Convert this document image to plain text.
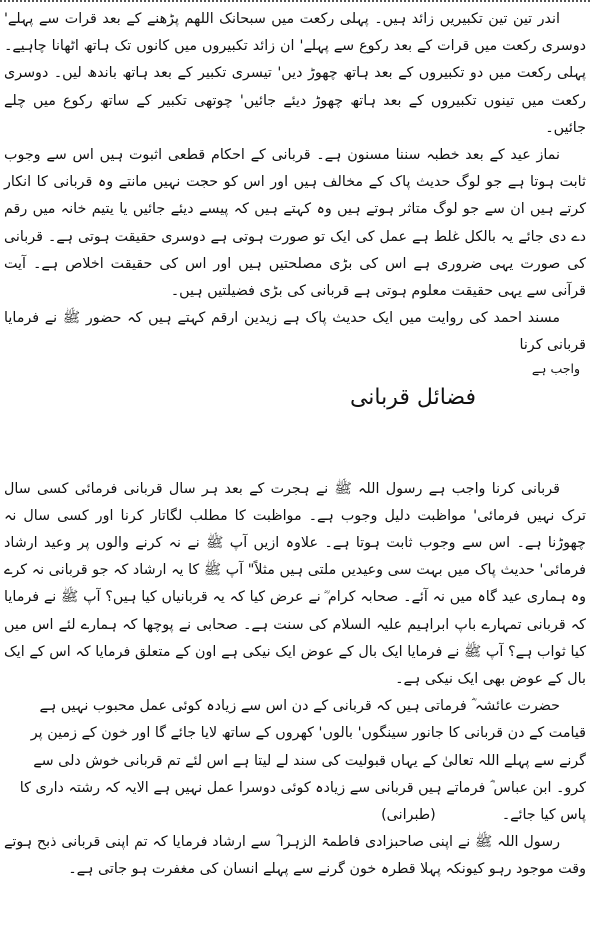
اندر تین تین تکبیریں زائد ہیں۔ پہلی رکعت میں سبحانک اللھم پڑھنے کے بعد قرات سے پہلے' دوسری رکعت میں قرات کے بعد رکوع سے پہلے' ان زائد تکبیروں میں کانوں تک ہاتھ اٹھانا چاہیے۔ پہلی رکعت میں دو تکبیروں کے بعد ہاتھ چھوڑ دیں' تیسری تکبیر کے بعد ہاتھ باندھ لیں۔ دوسری رکعت میں تینوں تکبیروں کے بعد ہاتھ چھوڑ دیئے جائیں' چوتھی تکبیر کے ساتھ رکوع میں چلے جائیں۔

نماز عید کے بعد خطبہ سننا مسنون ہے۔ قربانی کے احکام قطعی اثبوت ہیں اس سے وجوب ثابت ہوتا ہے جو لوگ حدیث پاک کے مخالف ہیں اور اس کو حجت نہیں مانتے وہ قربانی کا انکار کرتے ہیں ان سے جو لوگ متاثر ہوتے ہیں وہ کہتے ہیں کہ پیسے دیئے جائیں یا یتیم خانہ میں رقم دے دی جائے یہ بالکل غلط ہے عمل کی ایک تو صورت ہوتی ہے دوسری حقیقت ہوتی ہے۔ قربانی کی صورت یہی ضروری ہے اس کی بڑی مصلحتیں ہیں اور اس کی حقیقت اخلاص ہے۔ آیت قرآنی سے یہی حقیقت معلوم ہوتی ہے قربانی کی بڑی فضیلتیں ہیں۔

مسند احمد کی روایت میں ایک حدیث پاک ہے زیدین ارقم کہتے ہیں کہ حضور ﷺ نے فرمایا قربانی کرنا

واجب ہے

فضائل قربانی

قربانی کرنا واجب ہے رسول اللہ ﷺ نے ہجرت کے بعد ہر سال قربانی فرمائی کسی سال ترک نہیں فرمائی' مواظبت دلیل وجوب ہے۔ مواظبت کا مطلب لگاتار کرنا اور کسی سال نہ چھوڑنا ہے۔ اس سے وجوب ثابت ہوتا ہے۔ علاوہ ازیں آپ ﷺ نے نہ کرنے والوں پر وعید ارشاد فرمائی' حدیث پاک میں بہت سی وعیدیں ملتی ہیں مثلاً" آپ ﷺ کا یہ ارشاد کہ جو قربانی نہ کرے وہ ہماری عید گاہ میں نہ آئے۔ صحابہ کرام ؓ نے عرض کیا کہ یہ قربانیاں کیا ہیں؟ آپ ﷺ نے فرمایا کہ قربانی تمہارے باپ ابراہیم علیہ السلام کی سنت ہے۔ صحابی نے پوچھا کہ ہمارے لئے اس میں کیا ثواب ہے؟ آپ ﷺ نے فرمایا ایک بال کے عوض ایک نیکی ہے اون کے متعلق فرمایا کہ اس کے ایک بال کے عوض بھی ایک نیکی ہے۔

حضرت عائشہ ؓ فرماتی ہیں کہ قربانی کے دن اس سے زیادہ کوئی عمل محبوب نہیں ہے قیامت کے دن قربانی کا جانور سینگوں' بالوں' کھروں کے ساتھ لایا جائے گا اور خون کے زمین پر گرنے سے پہلے اللہ تعالیٰ کے یہاں قبولیت کی سند لے لیتا ہے اس لئے تم قربانی خوش دلی سے کرو۔ ابن عباس ؓ فرماتے ہیں قربانی سے زیادہ کوئی دوسرا عمل نہیں ہے الایہ کہ رشتہ داری کا پاس کیا جائے۔(طبرانی)

رسول اللہ ﷺ نے اپنی صاحبزادی فاطمۃ الزہرا ؓ سے ارشاد فرمایا کہ تم اپنی قربانی ذبح ہوتے وقت موجود رہو کیونکہ پہلا قطرہ خون گرنے سے پہلے انسان کی مغفرت ہو جاتی ہے۔
